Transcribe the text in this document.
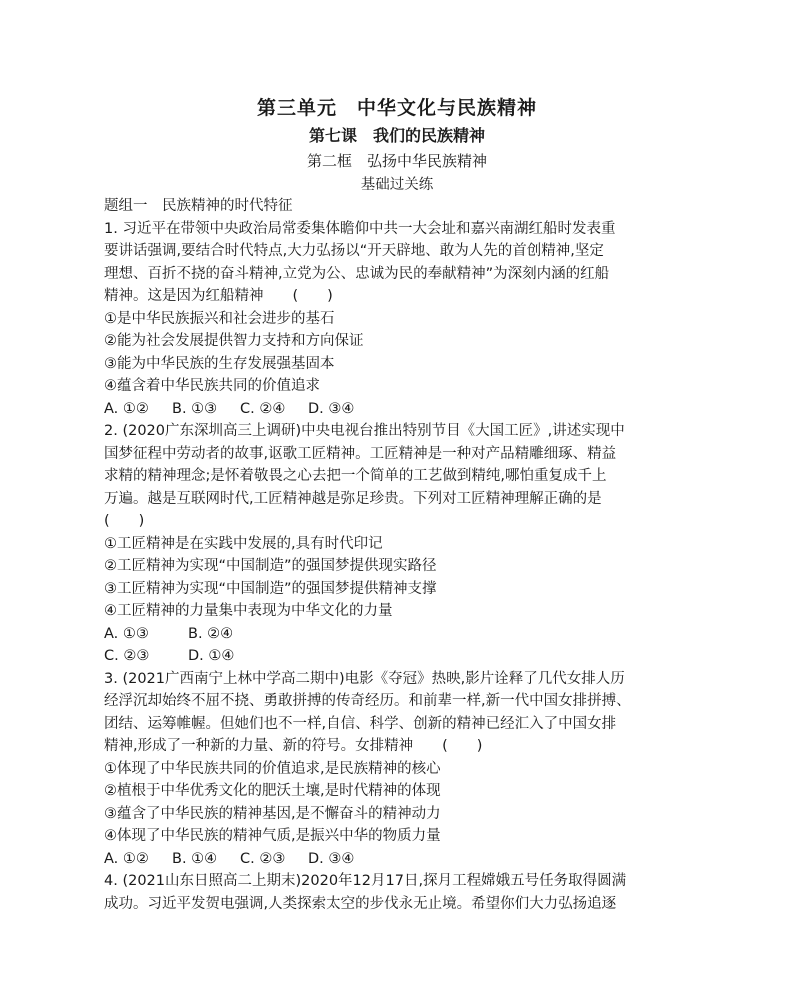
第三单元　中华文化与民族精神
第七课　我们的民族精神
第二框　弘扬中华民族精神
基础过关练
题组一　民族精神的时代特征
1. 习近平在带领中央政治局常委集体瞻仰中共一大会址和嘉兴南湖红船时发表重
要讲话强调,要结合时代特点,大力弘扬以“开天辟地、敢为人先的首创精神,坚定
理想、百折不挠的奋斗精神,立党为公、忠诚为民的奉献精神”为深刻内涵的红船
精神。这是因为红船精神　　(　　)
①是中华民族振兴和社会进步的基石
②能为社会发展提供智力支持和方向保证
③能为中华民族的生存发展强基固本
④蕴含着中华民族共同的价值追求
A. ①② B. ①③ C. ②④ D. ③④
2. (2020广东深圳高三上调研)中央电视台推出特别节目《大国工匠》,讲述实现中
国梦征程中劳动者的故事,讴歌工匠精神。工匠精神是一种对产品精雕细琢、精益
求精的精神理念;是怀着敬畏之心去把一个简单的工艺做到精纯,哪怕重复成千上
万遍。越是互联网时代,工匠精神越是弥足珍贵。下列对工匠精神理解正确的是
(　　)
①工匠精神是在实践中发展的,具有时代印记
②工匠精神为实现“中国制造”的强国梦提供现实路径
③工匠精神为实现“中国制造”的强国梦提供精神支撑
④工匠精神的力量集中表现为中华文化的力量
A. ①③	B. ②④
C. ②③	D. ①④
3. (2021广西南宁上林中学高二期中)电影《夺冠》热映,影片诠释了几代女排人历
经浮沉却始终不屈不挠、勇敢拼搏的传奇经历。和前辈一样,新一代中国女排拼搏、
团结、运筹帷幄。但她们也不一样,自信、科学、创新的精神已经汇入了中国女排
精神,形成了一种新的力量、新的符号。女排精神　　(　　)
①体现了中华民族共同的价值追求,是民族精神的核心
②植根于中华优秀文化的肥沃土壤,是时代精神的体现
③蕴含了中华民族的精神基因,是不懈奋斗的精神动力
④体现了中华民族的精神气质,是振兴中华的物质力量
A. ①② B. ①④ C. ②③ D. ③④
4. (2021山东日照高二上期末)2020年12月17日,探月工程嫦娥五号任务取得圆满
成功。习近平发贺电强调,人类探索太空的步伐永无止境。希望你们大力弘扬追逐
